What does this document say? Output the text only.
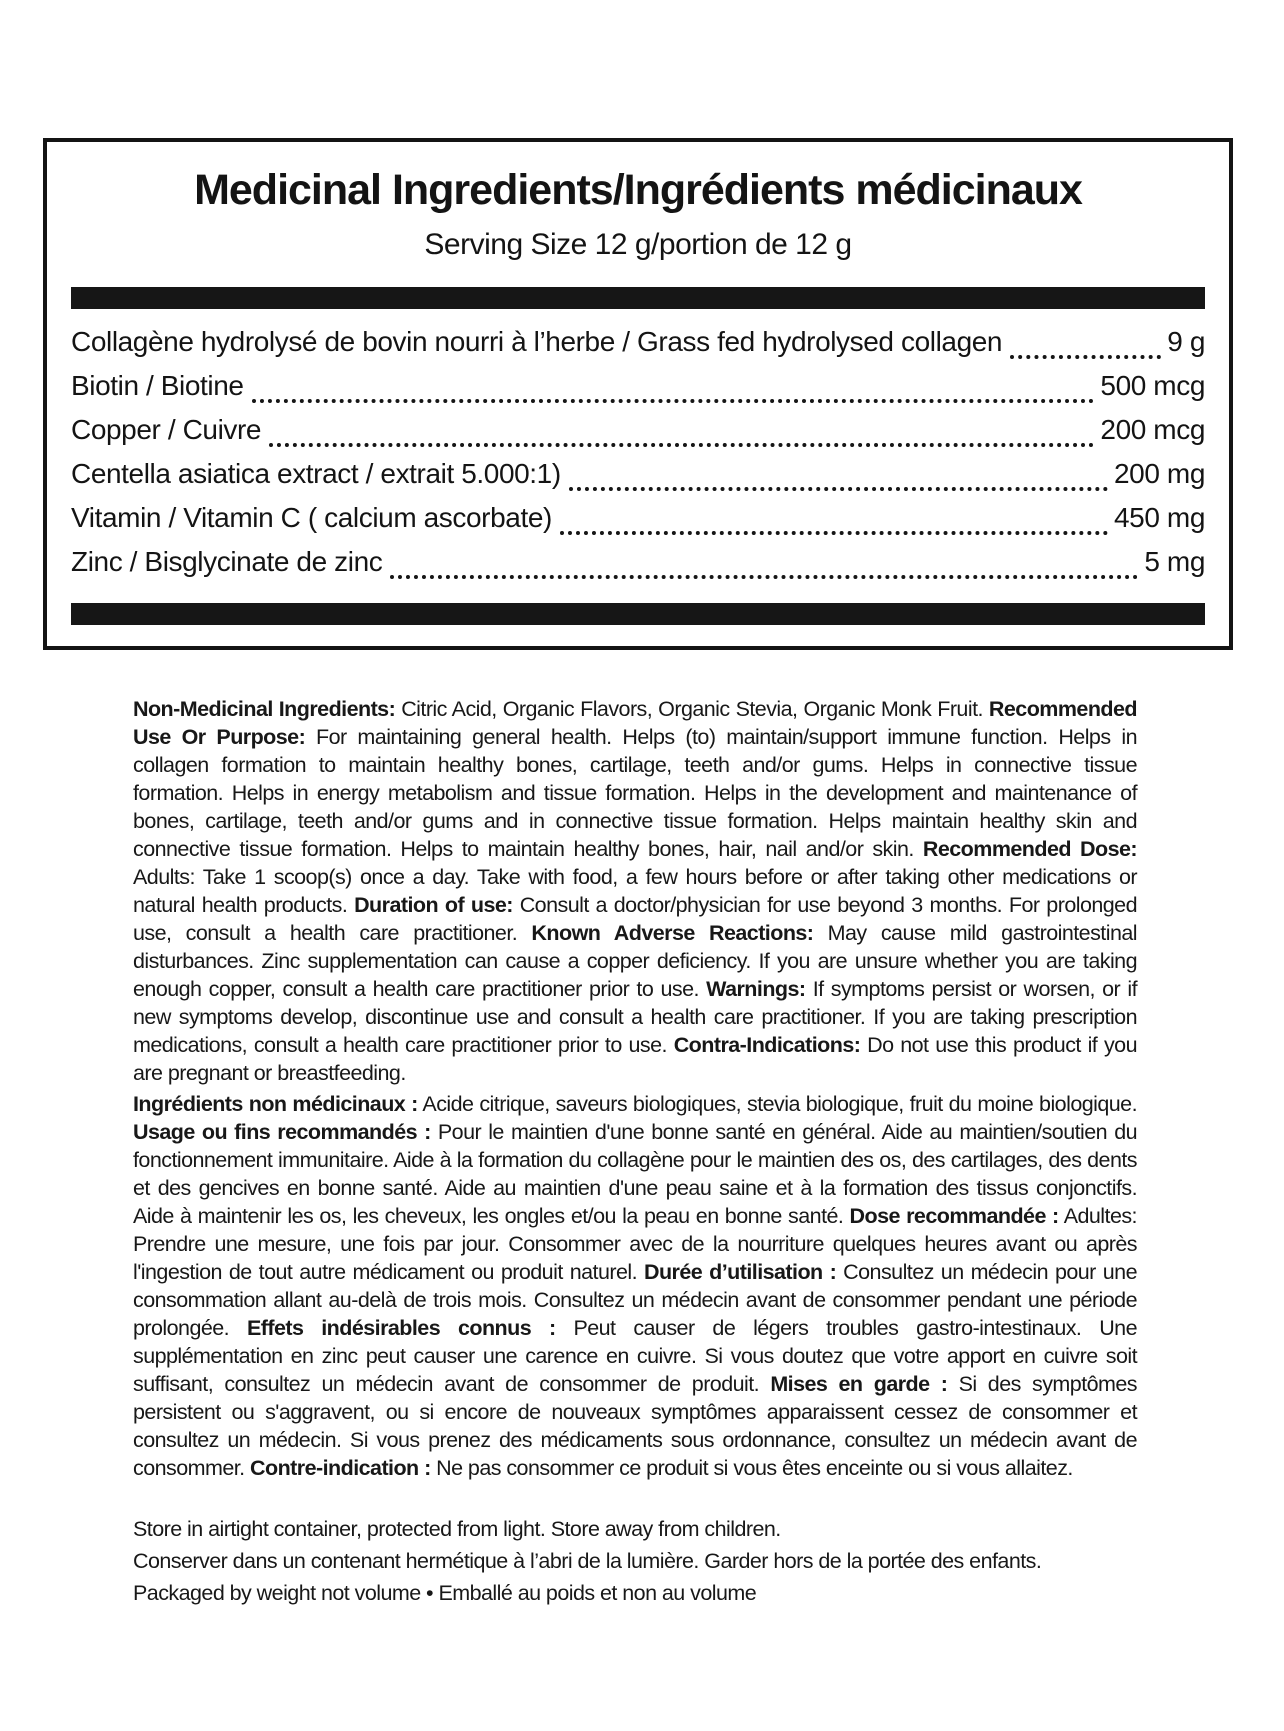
Medicinal Ingredients/Ingrédients médicinaux
Serving Size 12 g/portion de 12 g
Collagène hydrolysé de bovin nourri à l’herbe / Grass fed hydrolysed collagen	9 g
Biotin / Biotine	500 mcg
Copper / Cuivre	200 mcg
Centella asiatica extract / extrait 5.000:1)	200 mg
Vitamin / Vitamin C ( calcium ascorbate)	450 mg
Zinc / Bisglycinate de zinc	5 mg
Non-Medicinal Ingredients: Citric Acid, Organic Flavors, Organic Stevia, Organic Monk Fruit. Recommended Use Or Purpose: For maintaining general health. Helps (to) maintain/support immune function. Helps in collagen formation to maintain healthy bones, cartilage, teeth and/or gums. Helps in connective tissue formation. Helps in energy metabolism and tissue formation. Helps in the development and maintenance of bones, cartilage, teeth and/or gums and in connective tissue formation. Helps maintain healthy skin and connective tissue formation. Helps to maintain healthy bones, hair, nail and/or skin. Recommended Dose: Adults: Take 1 scoop(s) once a day. Take with food, a few hours before or after taking other medications or natural health products. Duration of use: Consult a doctor/physician for use beyond 3 months. For prolonged use, consult a health care practitioner. Known Adverse Reactions: May cause mild gastrointestinal disturbances. Zinc supplementation can cause a copper deficiency. If you are unsure whether you are taking enough copper, consult a health care practitioner prior to use. Warnings: If symptoms persist or worsen, or if new symptoms develop, discontinue use and consult a health care practitioner. If you are taking prescription medications, consult a health care practitioner prior to use. Contra-Indications: Do not use this product if you are pregnant or breastfeeding.
Ingrédients non médicinaux : Acide citrique, saveurs biologiques, stevia biologique, fruit du moine biologique. Usage ou fins recommandés : Pour le maintien d'une bonne santé en général. Aide au maintien/soutien du fonctionnement immunitaire. Aide à la formation du collagène pour le maintien des os, des cartilages, des dents et des gencives en bonne santé. Aide au maintien d'une peau saine et à la formation des tissus conjonctifs. Aide à maintenir les os, les cheveux, les ongles et/ou la peau en bonne santé. Dose recommandée : Adultes: Prendre une mesure, une fois par jour. Consommer avec de la nourriture quelques heures avant ou après l'ingestion de tout autre médicament ou produit naturel. Durée d’utilisation : Consultez un médecin pour une consommation allant au-delà de trois mois. Consultez un médecin avant de consommer pendant une période prolongée. Effets indésirables connus : Peut causer de légers troubles gastro-intestinaux. Une supplémentation en zinc peut causer une carence en cuivre. Si vous doutez que votre apport en cuivre soit suffisant, consultez un médecin avant de consommer de produit. Mises en garde : Si des symptômes persistent ou s'aggravent, ou si encore de nouveaux symptômes apparaissent cessez de consommer et consultez un médecin. Si vous prenez des médicaments sous ordonnance, consultez un médecin avant de consommer. Contre-indication : Ne pas consommer ce produit si vous êtes enceinte ou si vous allaitez.
Store in airtight container, protected from light. Store away from children.
Conserver dans un contenant hermétique à l’abri de la lumière. Garder hors de la portée des enfants.
Packaged by weight not volume • Emballé au poids et non au volume
